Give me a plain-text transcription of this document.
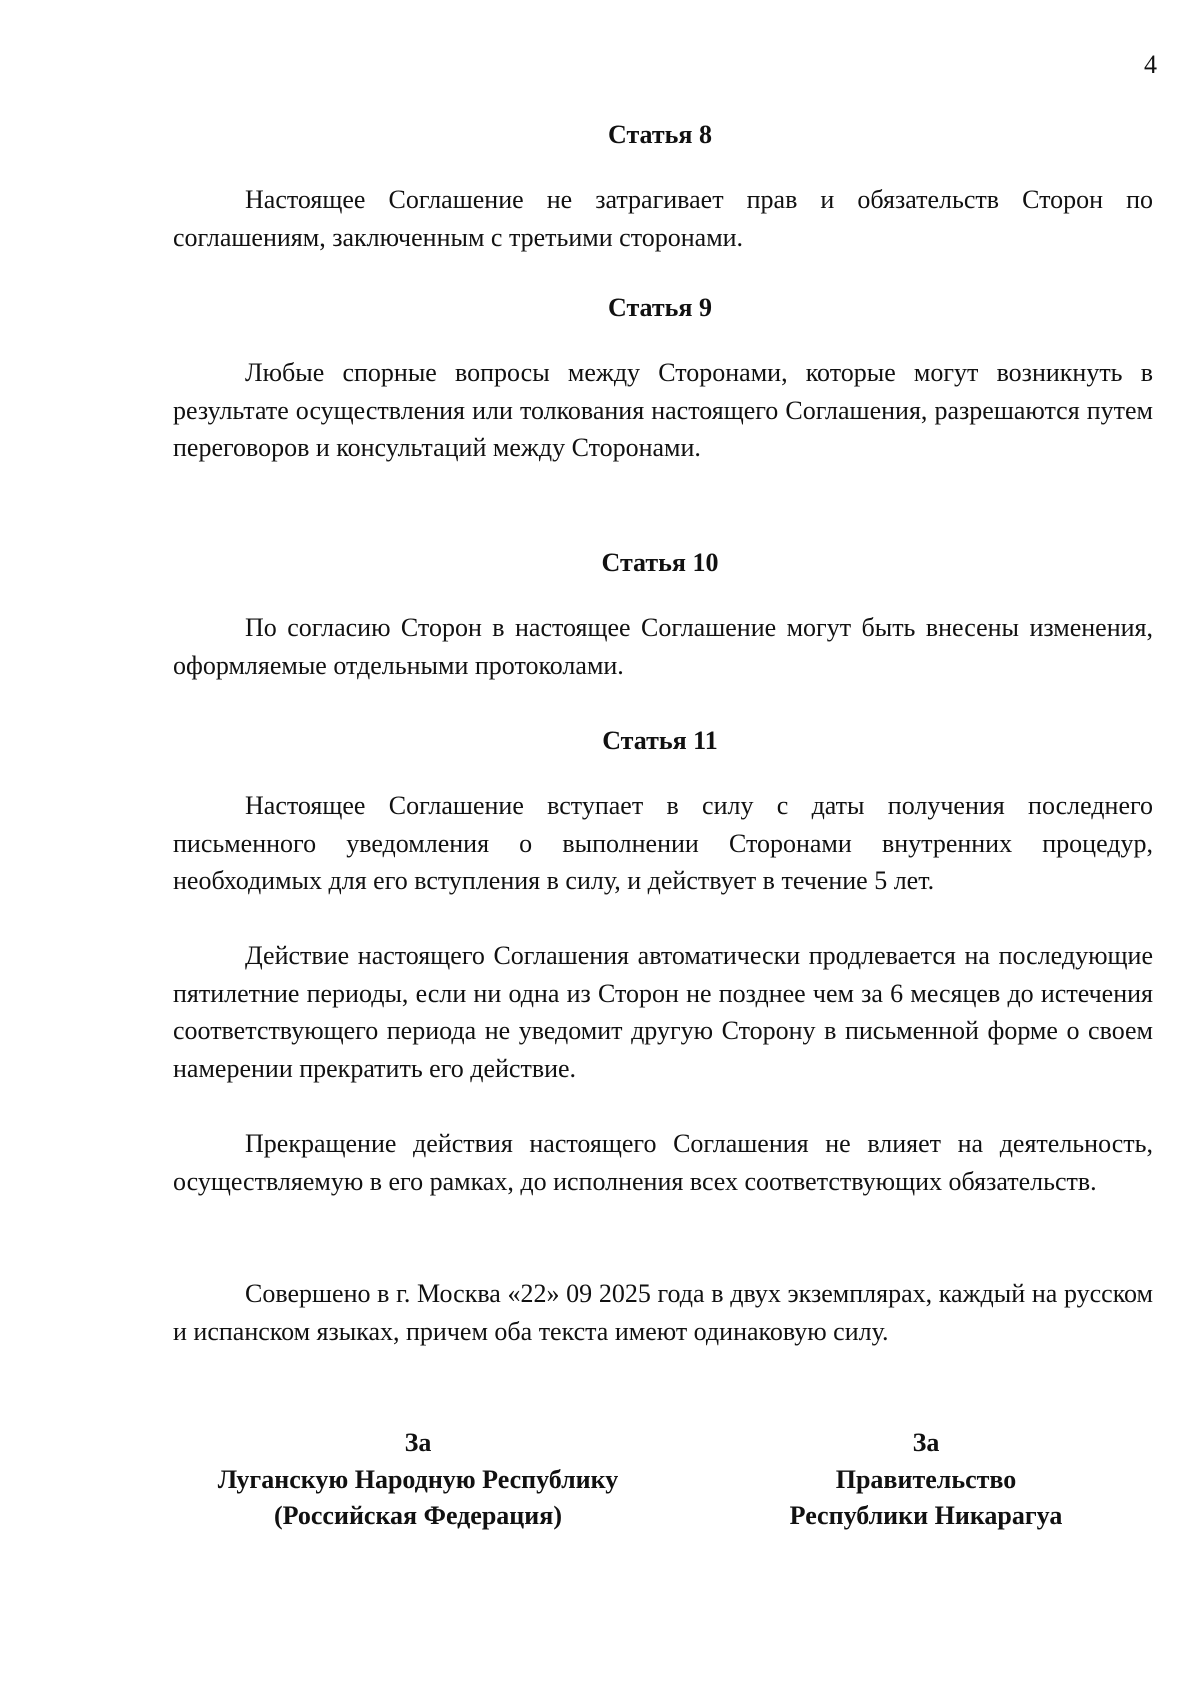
4
Статья 8

Настоящее Соглашение не затрагивает прав и обязательств Сторон по соглашениям, заключенным с третьими сторонами.

Статья 9

Любые спорные вопросы между Сторонами, которые могут возникнуть в результате осуществления или толкования настоящего Соглашения, разрешаются путем переговоров и консультаций между Сторонами.

Статья 10

По согласию Сторон в настоящее Соглашение могут быть внесены изменения, оформляемые отдельными протоколами.

Статья 11

Настоящее Соглашение вступает в силу с даты получения последнего письменного уведомления о выполнении Сторонами внутренних процедур, необходимых для его вступления в силу, и действует в течение 5 лет.

Действие настоящего Соглашения автоматически продлевается на последующие пятилетние периоды, если ни одна из Сторон не позднее чем за 6 месяцев до истечения соответствующего периода не уведомит другую Сторону в письменной форме о своем намерении прекратить его действие.

Прекращение действия настоящего Соглашения не влияет на деятельность, осуществляемую в его рамках, до исполнения всех соответствующих обязательств.

Совершено в г. Москва «22» 09 2025 года в двух экземплярах, каждый на русском и испанском языках, причем оба текста имеют одинаковую силу.

За
Луганскую Народную Республику
(Российская Федерация)
За
Правительство
Республики Никарагуа
